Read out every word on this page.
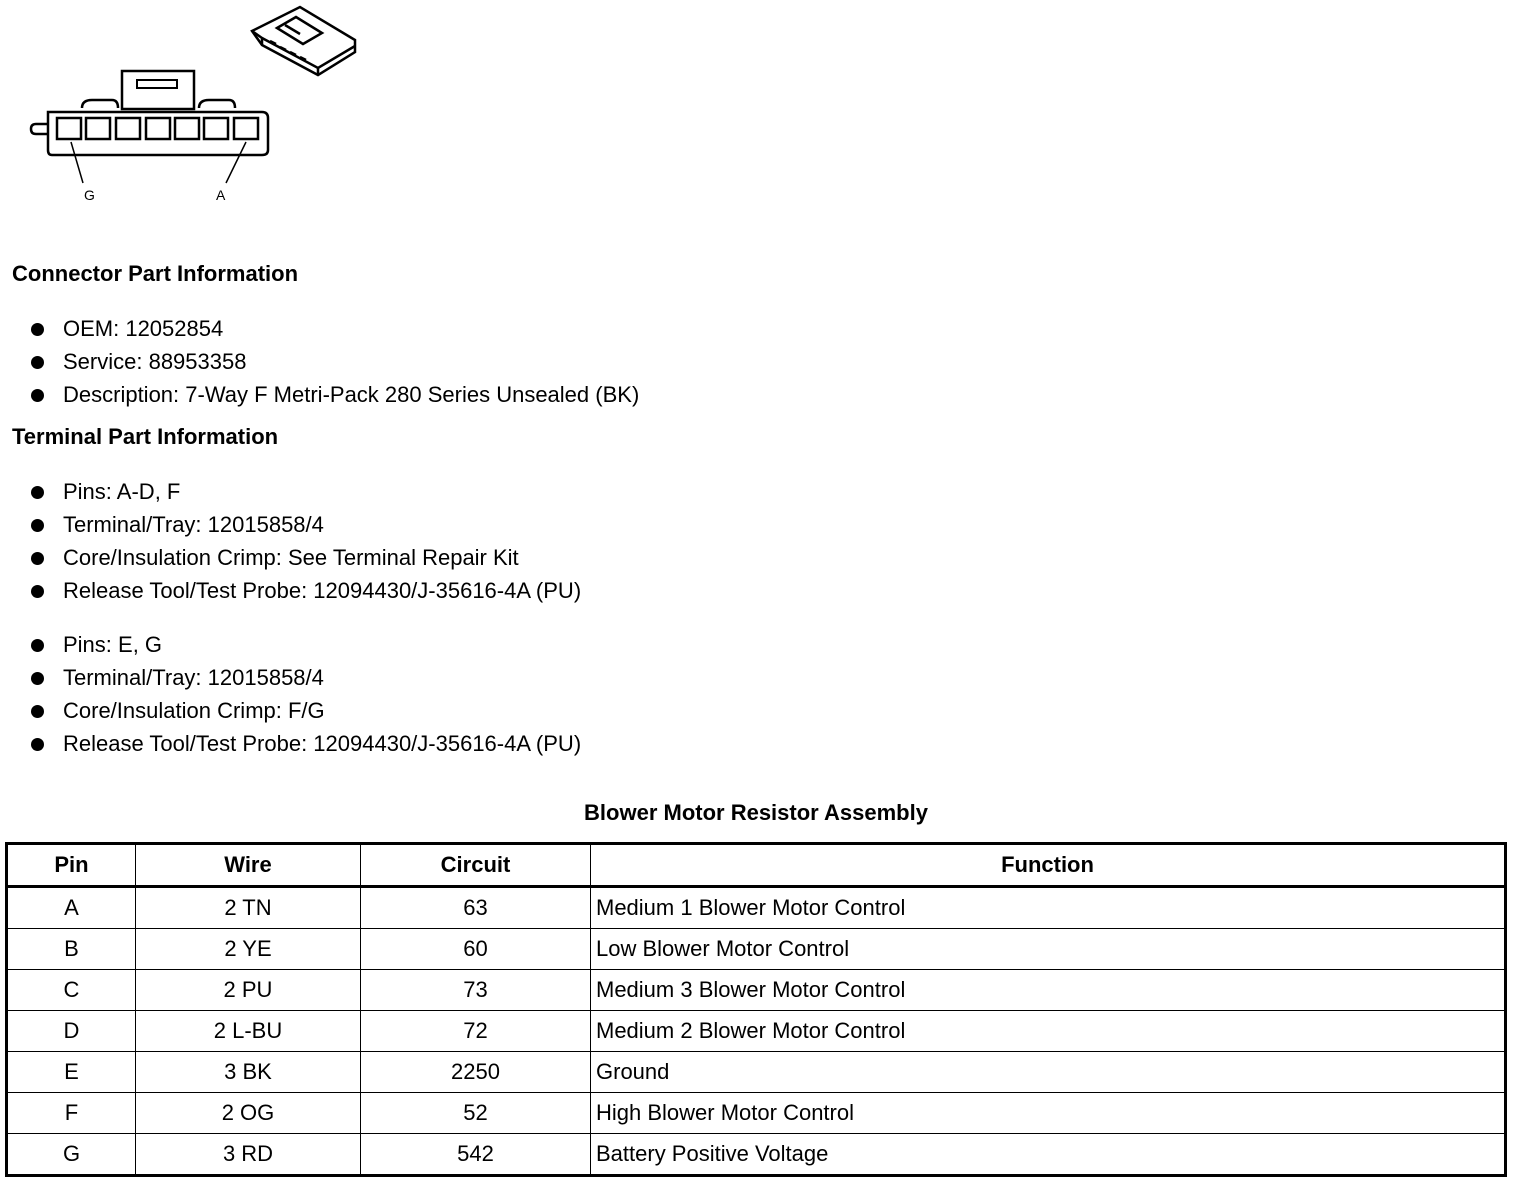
G	A
Connector Part Information
OEM: 12052854
Service: 88953358
Description: 7-Way F Metri-Pack 280 Series Unsealed (BK)
Terminal Part Information
Pins: A-D, F
Terminal/Tray: 12015858/4
Core/Insulation Crimp: See Terminal Repair Kit
Release Tool/Test Probe: 12094430/J-35616-4A (PU)
Pins: E, G
Terminal/Tray: 12015858/4
Core/Insulation Crimp: F/G
Release Tool/Test Probe: 12094430/J-35616-4A (PU)
Blower Motor Resistor Assembly
Pin	Wire	Circuit	Function
A	2 TN	63	Medium 1 Blower Motor Control
B	2 YE	60	Low Blower Motor Control
C	2 PU	73	Medium 3 Blower Motor Control
D	2 L-BU	72	Medium 2 Blower Motor Control
E	3 BK	2250	Ground
F	2 OG	52	High Blower Motor Control
G	3 RD	542	Battery Positive Voltage
